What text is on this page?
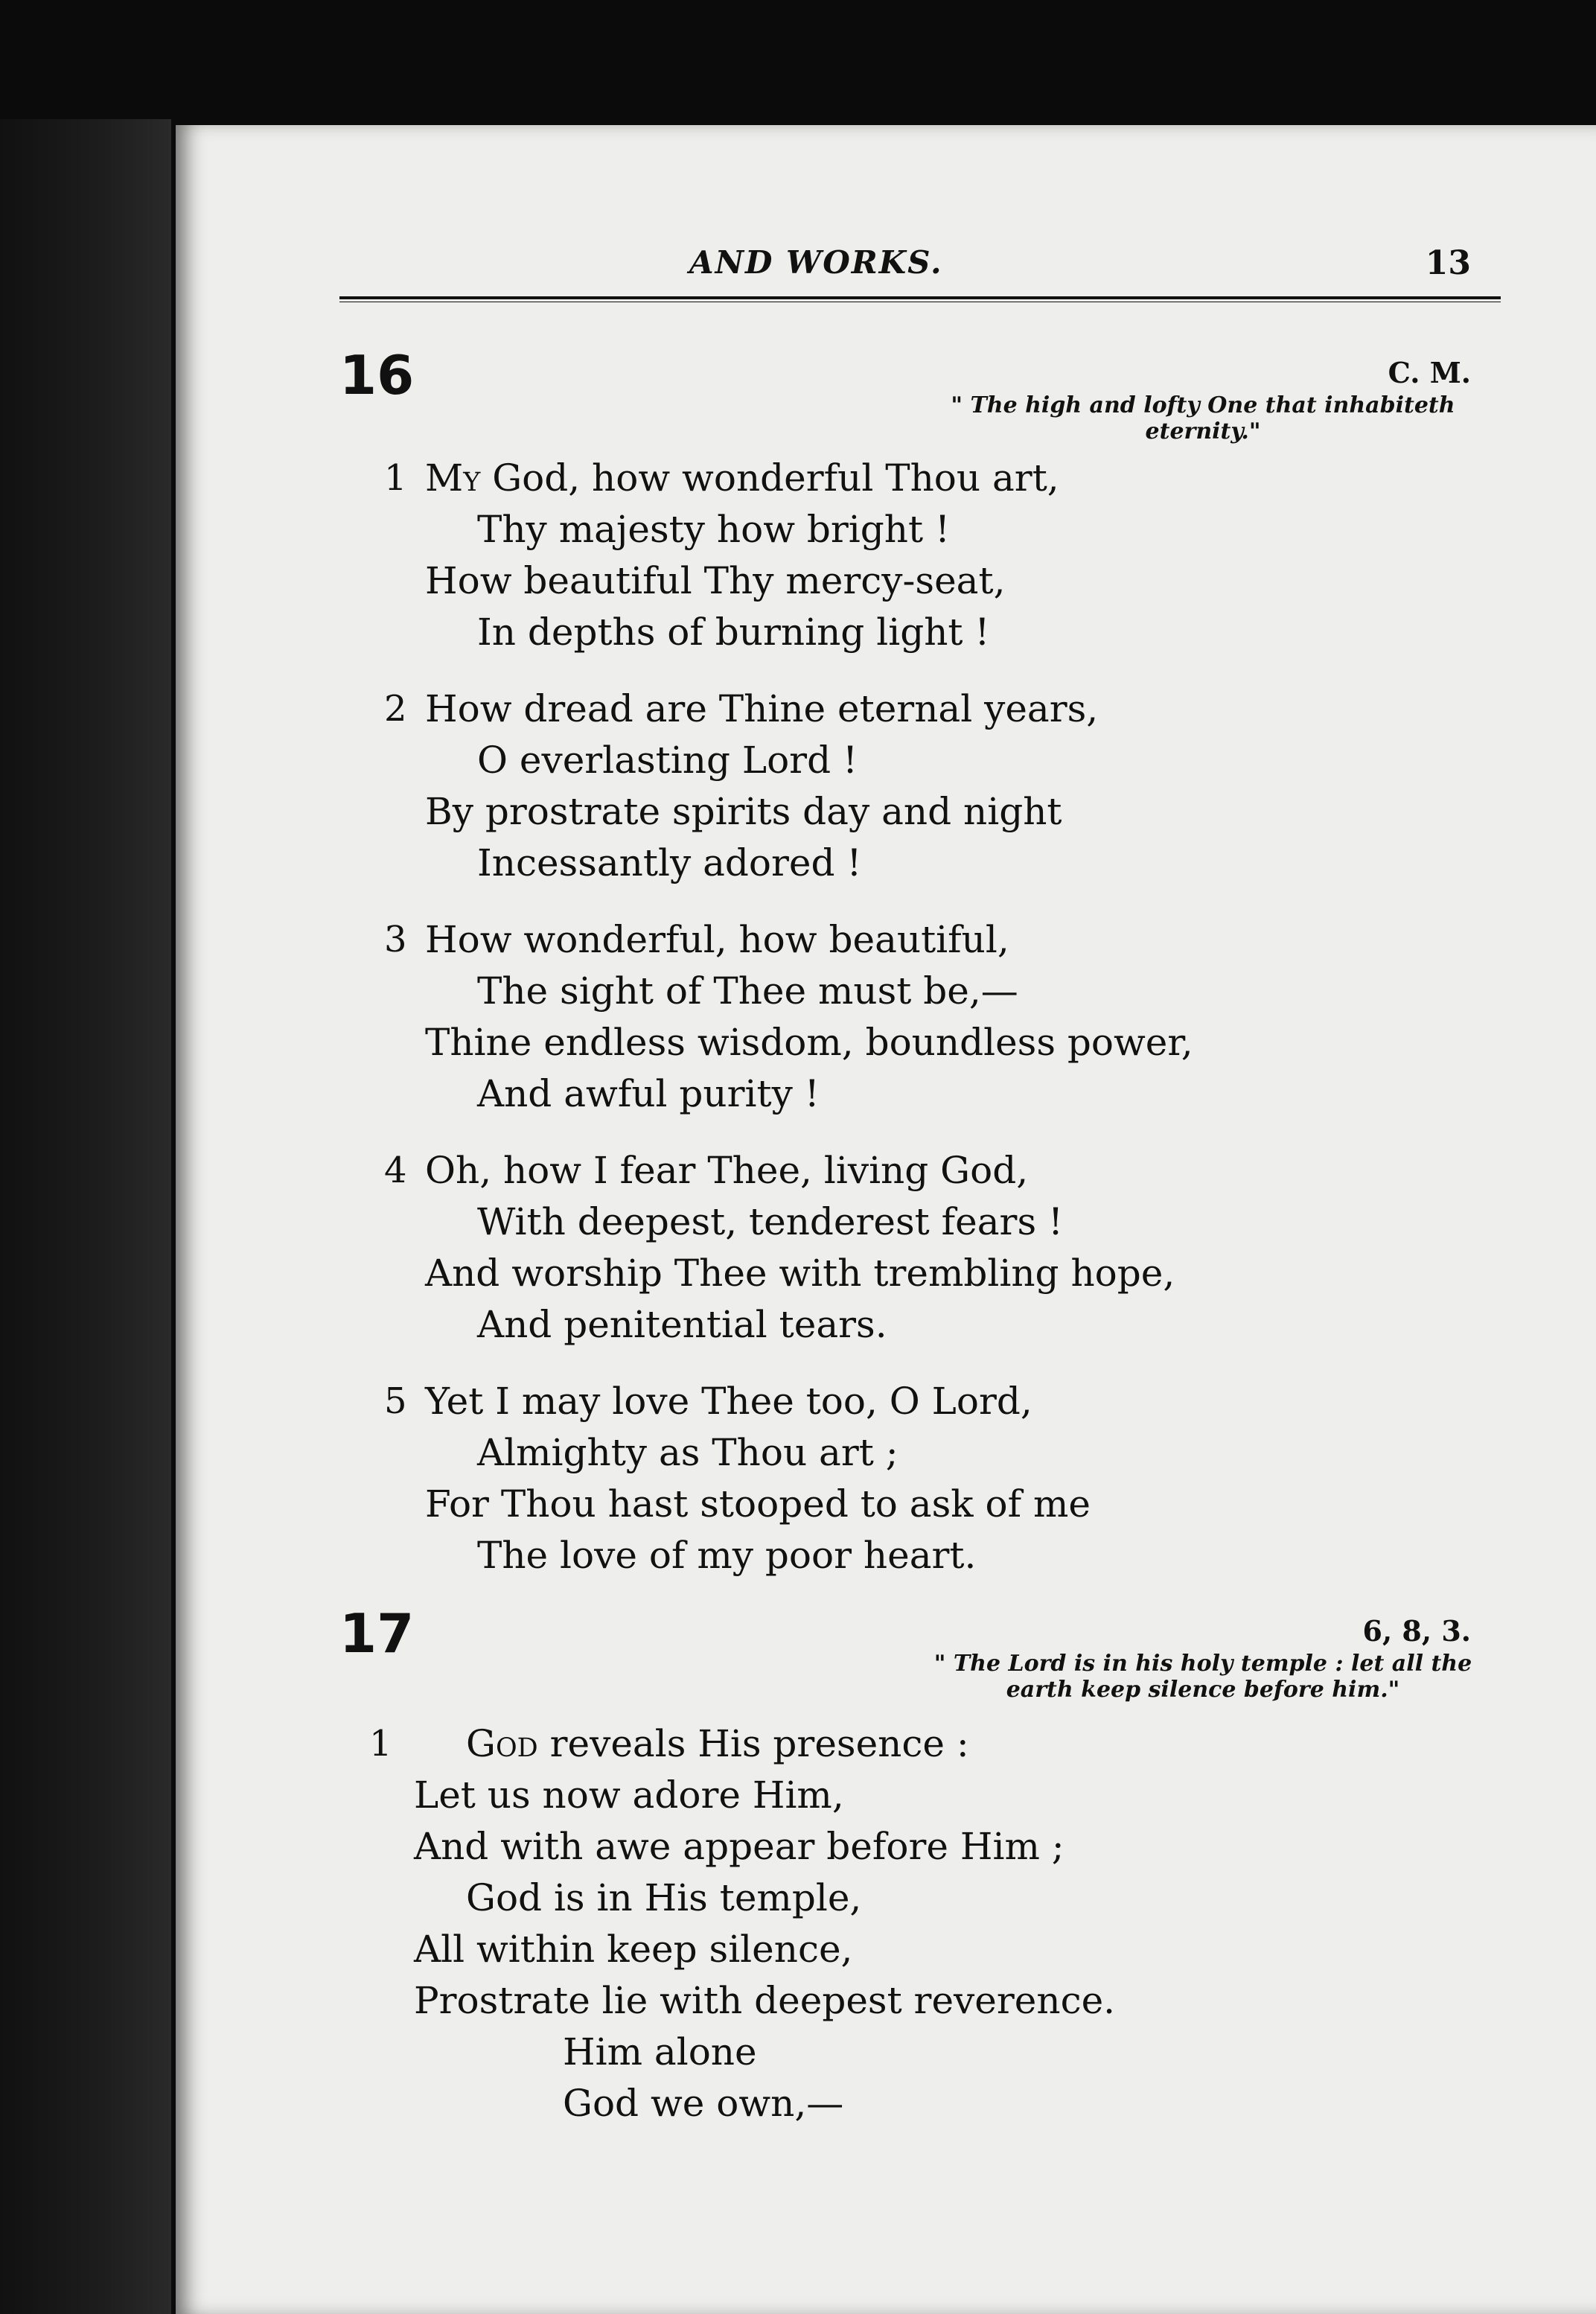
AND WORKS.	13
16	C. M.
" The high and lofty One that inhabiteth eternity."
1 My God, how wonderful Thou art,
Thy majesty how bright !
How beautiful Thy mercy-seat,
In depths of burning light !
2 How dread are Thine eternal years,
O everlasting Lord !
By prostrate spirits day and night
Incessantly adored !
3 How wonderful, how beautiful,
The sight of Thee must be,—
Thine endless wisdom, boundless power,
And awful purity !
4 Oh, how I fear Thee, living God,
With deepest, tenderest fears !
And worship Thee with trembling hope,
And penitential tears.
5 Yet I may love Thee too, O Lord,
Almighty as Thou art ;
For Thou hast stooped to ask of me
The love of my poor heart.
17	6, 8, 3.
" The Lord is in his holy temple : let all the earth keep silence before him."
1 God reveals His presence :
Let us now adore Him,
And with awe appear before Him ;
God is in His temple,
All within keep silence,
Prostrate lie with deepest reverence.
Him alone
God we own,—
